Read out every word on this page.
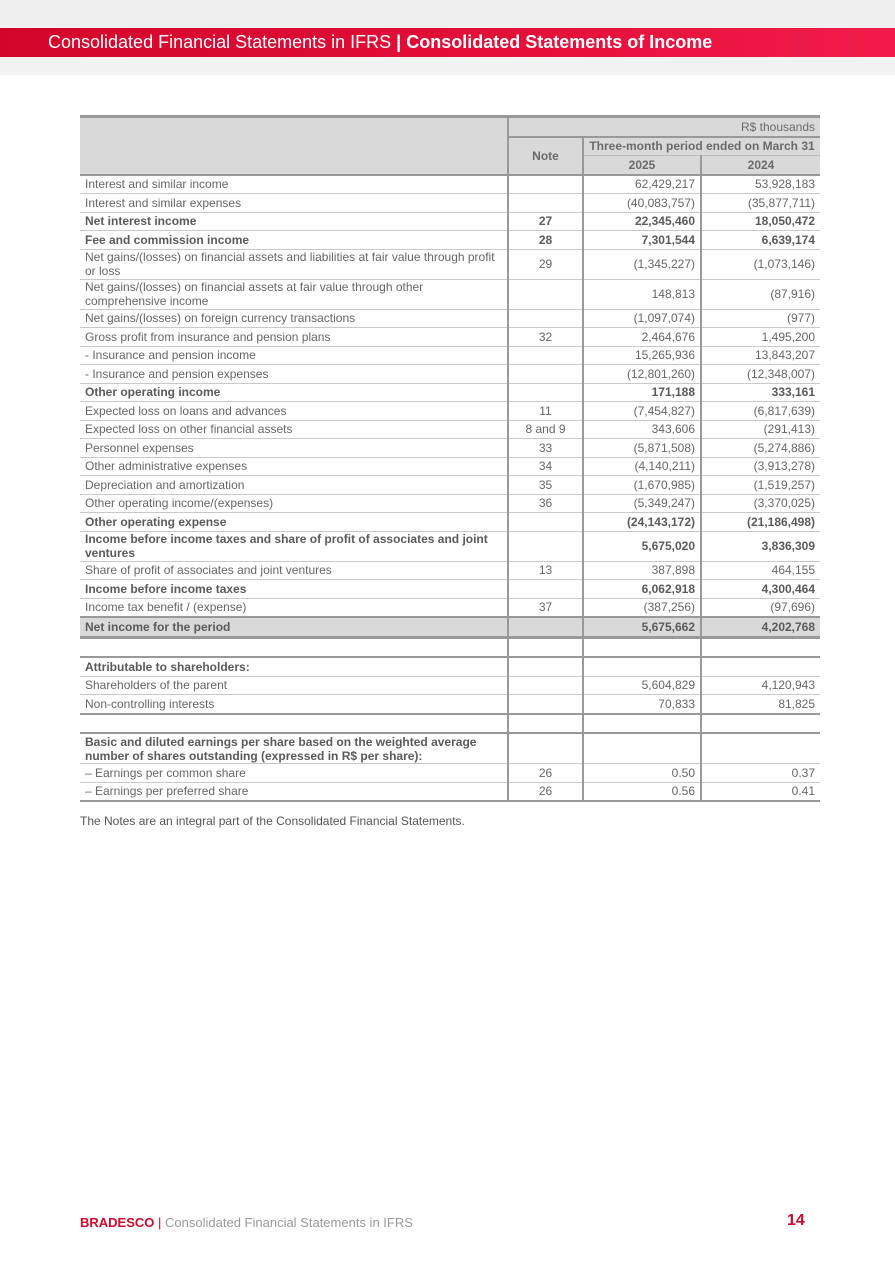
Consolidated Financial Statements in IFRS | Consolidated Statements of Income
	R$ thousands		
	Note	Three-month period ended on March 31	
		2025	2024
Interest and similar income		62,429,217	53,928,183
Interest and similar expenses		(40,083,757)	(35,877,711)
Net interest income	27	22,345,460	18,050,472
Fee and commission income	28	7,301,544	6,639,174
Net gains/(losses) on financial assets and liabilities at fair value through profit or loss	29	(1,345,227)	(1,073,146)
Net gains/(losses) on financial assets at fair value through other comprehensive income		148,813	(87,916)
Net gains/(losses) on foreign currency transactions		(1,097,074)	(977)
Gross profit from insurance and pension plans	32	2,464,676	1,495,200
- Insurance and pension income		15,265,936	13,843,207
- Insurance and pension expenses		(12,801,260)	(12,348,007)
Other operating income		171,188	333,161
Expected loss on loans and advances	11	(7,454,827)	(6,817,639)
Expected loss on other financial assets	8 and 9	343,606	(291,413)
Personnel expenses	33	(5,871,508)	(5,274,886)
Other administrative expenses	34	(4,140,211)	(3,913,278)
Depreciation and amortization	35	(1,670,985)	(1,519,257)
Other operating income/(expenses)	36	(5,349,247)	(3,370,025)
Other operating expense		(24,143,172)	(21,186,498)
Income before income taxes and share of profit of associates and joint ventures		5,675,020	3,836,309
Share of profit of associates and joint ventures	13	387,898	464,155
Income before income taxes		6,062,918	4,300,464
Income tax benefit / (expense)	37	(387,256)	(97,696)
Net income for the period		5,675,662	4,202,768

Attributable to shareholders:			
Shareholders of the parent		5,604,829	4,120,943
Non-controlling interests		70,833	81,825

Basic and diluted earnings per share based on the weighted average number of shares outstanding (expressed in R$ per share):			
– Earnings per common share	26	0.50	0.37
– Earnings per preferred share	26	0.56	0.41
The Notes are an integral part of the Consolidated Financial Statements.
BRADESCO | Consolidated Financial Statements in IFRS	14
